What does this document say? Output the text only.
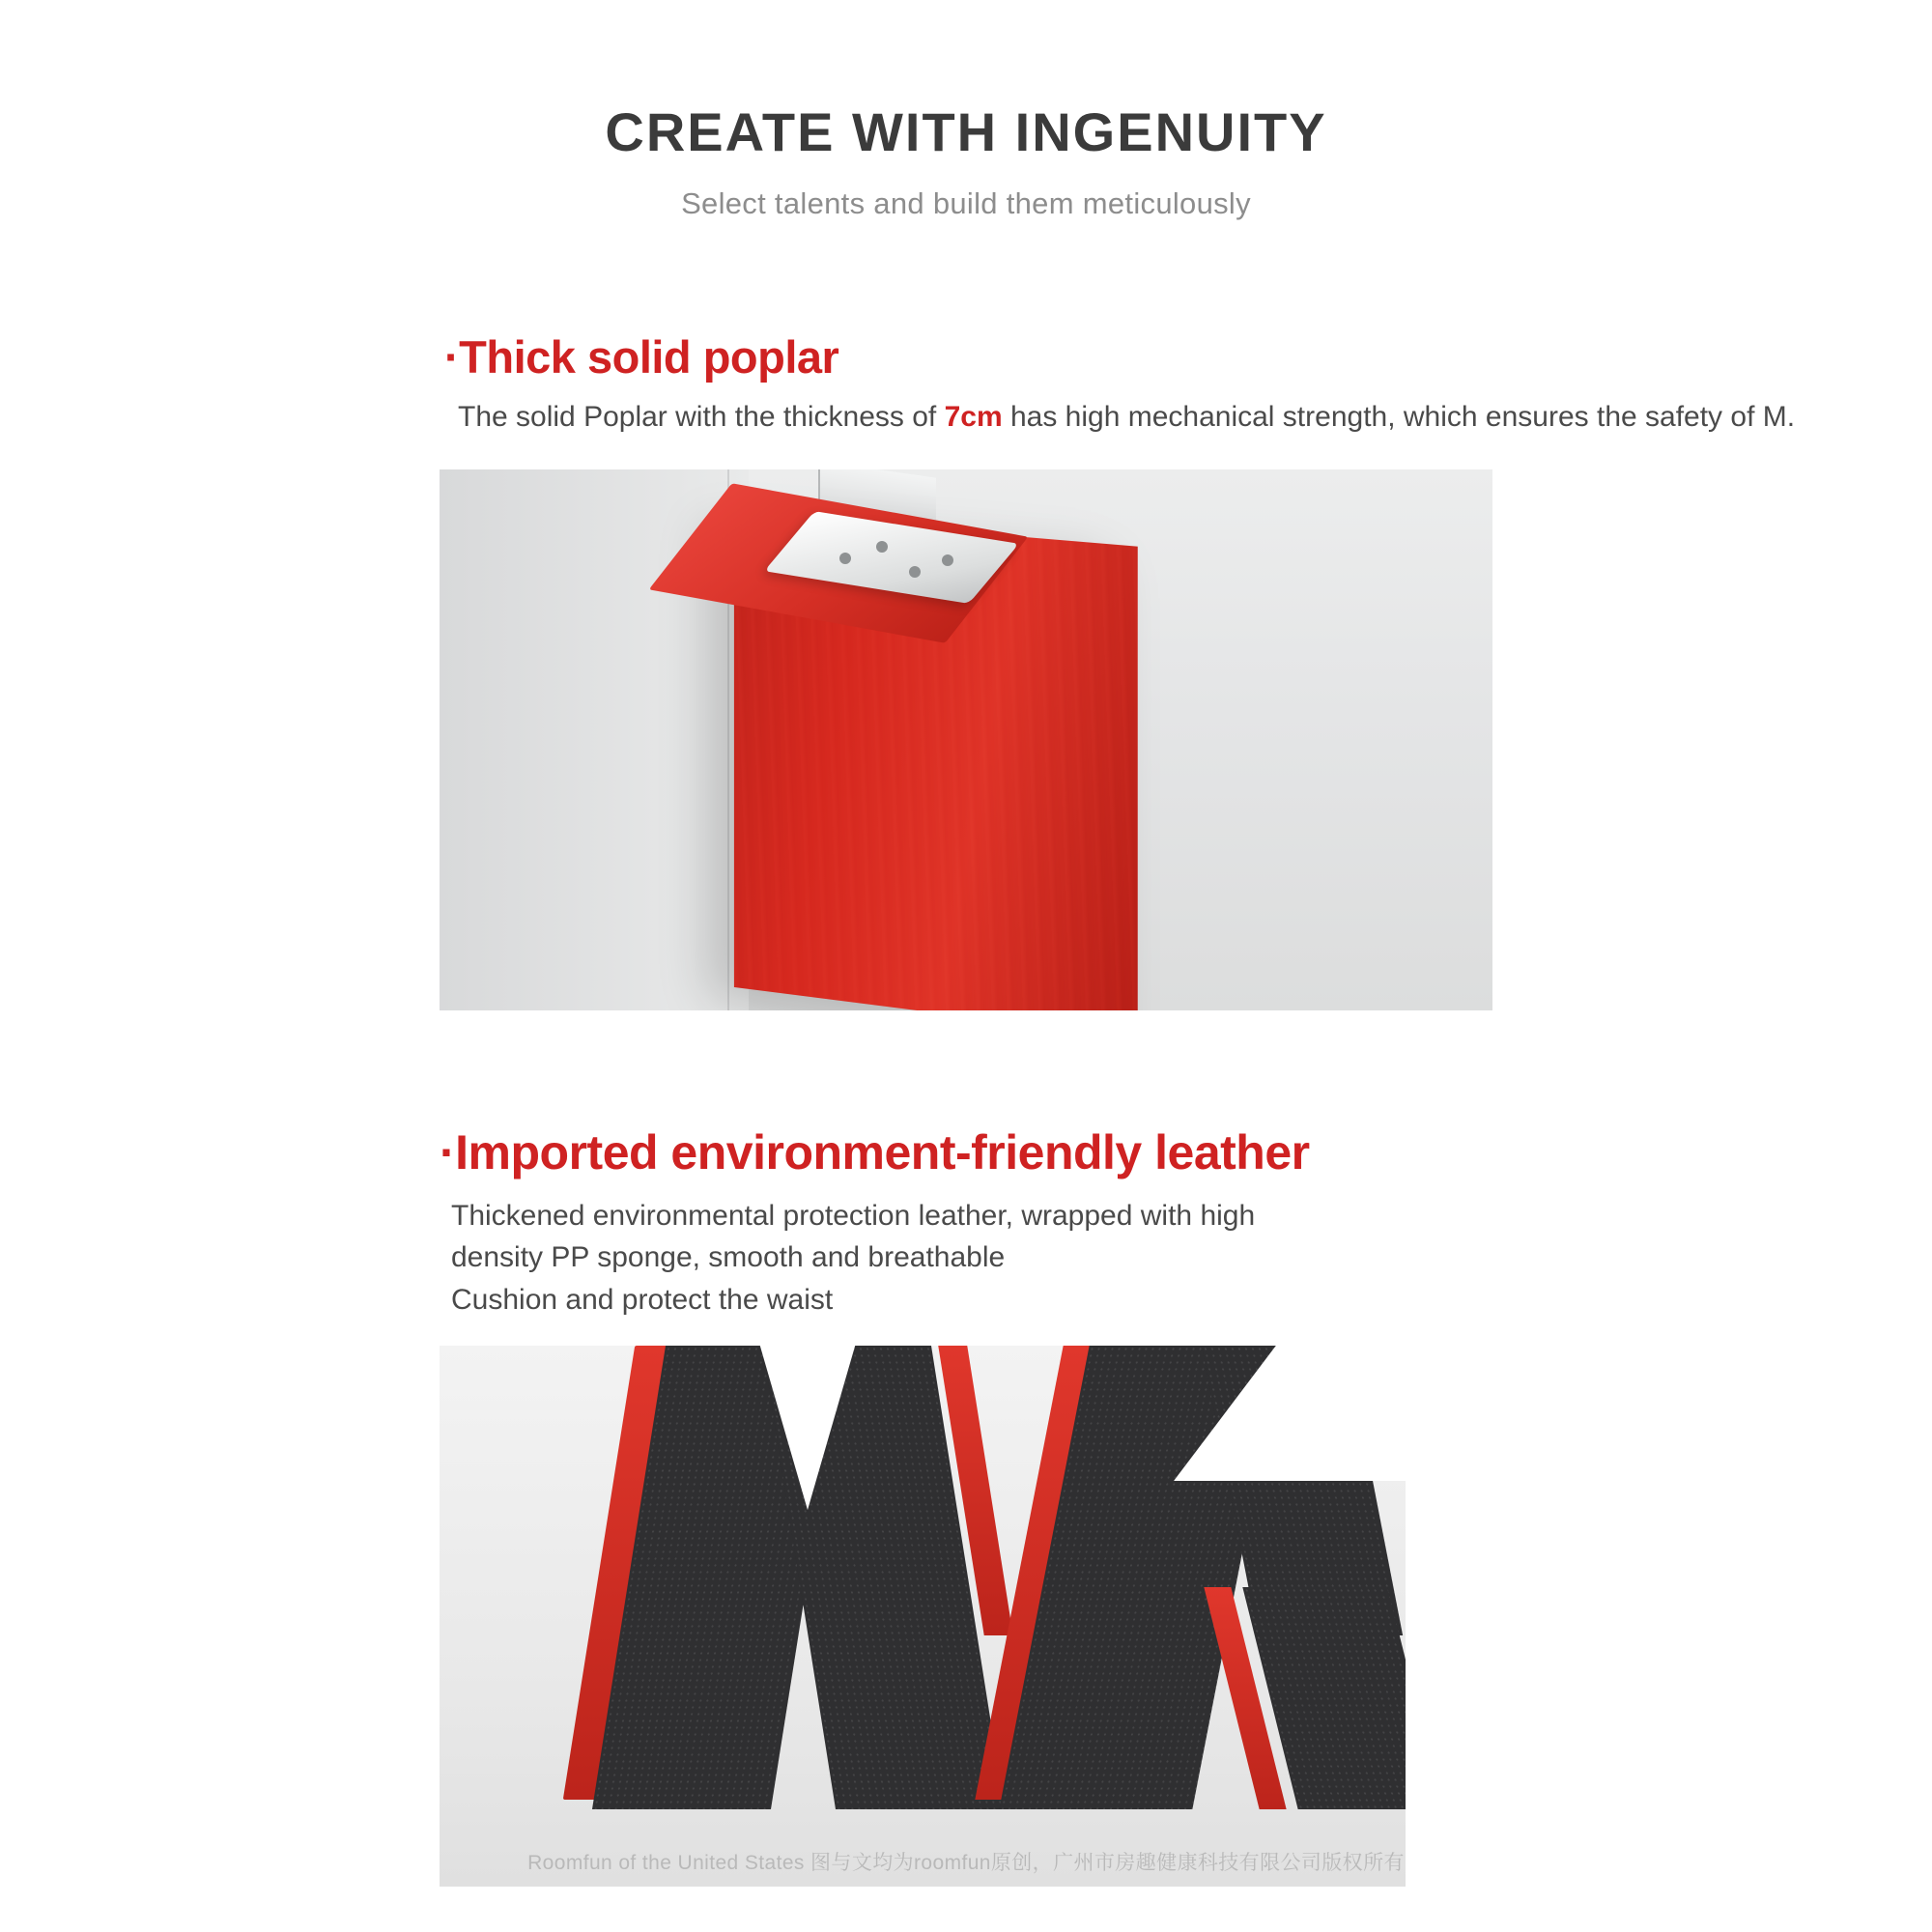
CREATE WITH INGENUITY
Select talents and build them meticulously
·Thick solid poplar
The solid Poplar with the thickness of 7cm has high mechanical strength, which ensures the safety of M.
·Imported environment-friendly leather
Thickened environmental protection leather, wrapped with high
density PP sponge, smooth and breathable
Cushion and protect the waist
Roomfun of the United States 图与文均为roomfun原创，广州市房趣健康科技有限公司版权所有
